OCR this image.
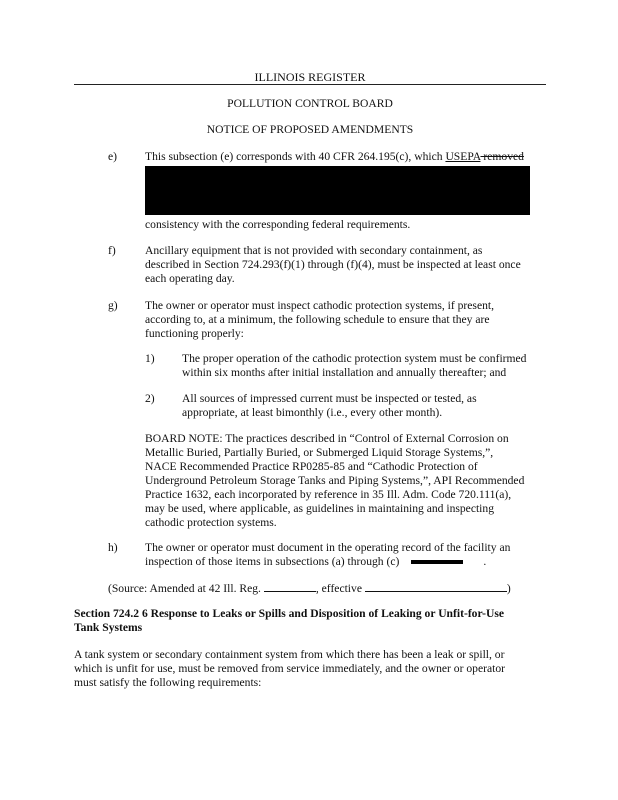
ILLINOIS REGISTER
POLLUTION CONTROL BOARD
NOTICE OF PROPOSED AMENDMENTS
e) This subsection (e) corresponds with 40 CFR 264.195(c), which USEPA removed
consistency with the corresponding federal requirements.
f)	Ancillary equipment that is not provided with secondary containment, as
described in Section 724.293(f)(1) through (f)(4), must be inspected at least once
each operating day.
g) The owner or operator must inspect cathodic protection systems, if present,
according to, at a minimum, the following schedule to ensure that they are
functioning properly:
1) The proper operation of the cathodic protection system must be confirmed
within six months after initial installation and annually thereafter; and
2) All sources of impressed current must be inspected or tested, as
appropriate, at least bimonthly (i.e., every other month).
BOARD NOTE: The practices described in “Control of External Corrosion on
Metallic Buried, Partially Buried, or Submerged Liquid Storage Systems,”,
NACE Recommended Practice RP0285-85 and “Cathodic Protection of
Underground Petroleum Storage Tanks and Piping Systems,”, API Recommended
Practice 1632, each incorporated by reference in 35 Ill. Adm. Code 720.111(a),
may be used, where applicable, as guidelines in maintaining and inspecting
cathodic protection systems.
h) The owner or operator must document in the operating record of the facility an
inspection of those items in subsections (a) through (c)	.
(Source: Amended at 42 Ill. Reg.	, effective	)
Section 724.2 6 Response to Leaks or Spills and Disposition of Leaking or Unfit-for-Use
Tank Systems
A tank system or secondary containment system from which there has been a leak or spill, or
which is unfit for use, must be removed from service immediately, and the owner or operator
must satisfy the following requirements:
